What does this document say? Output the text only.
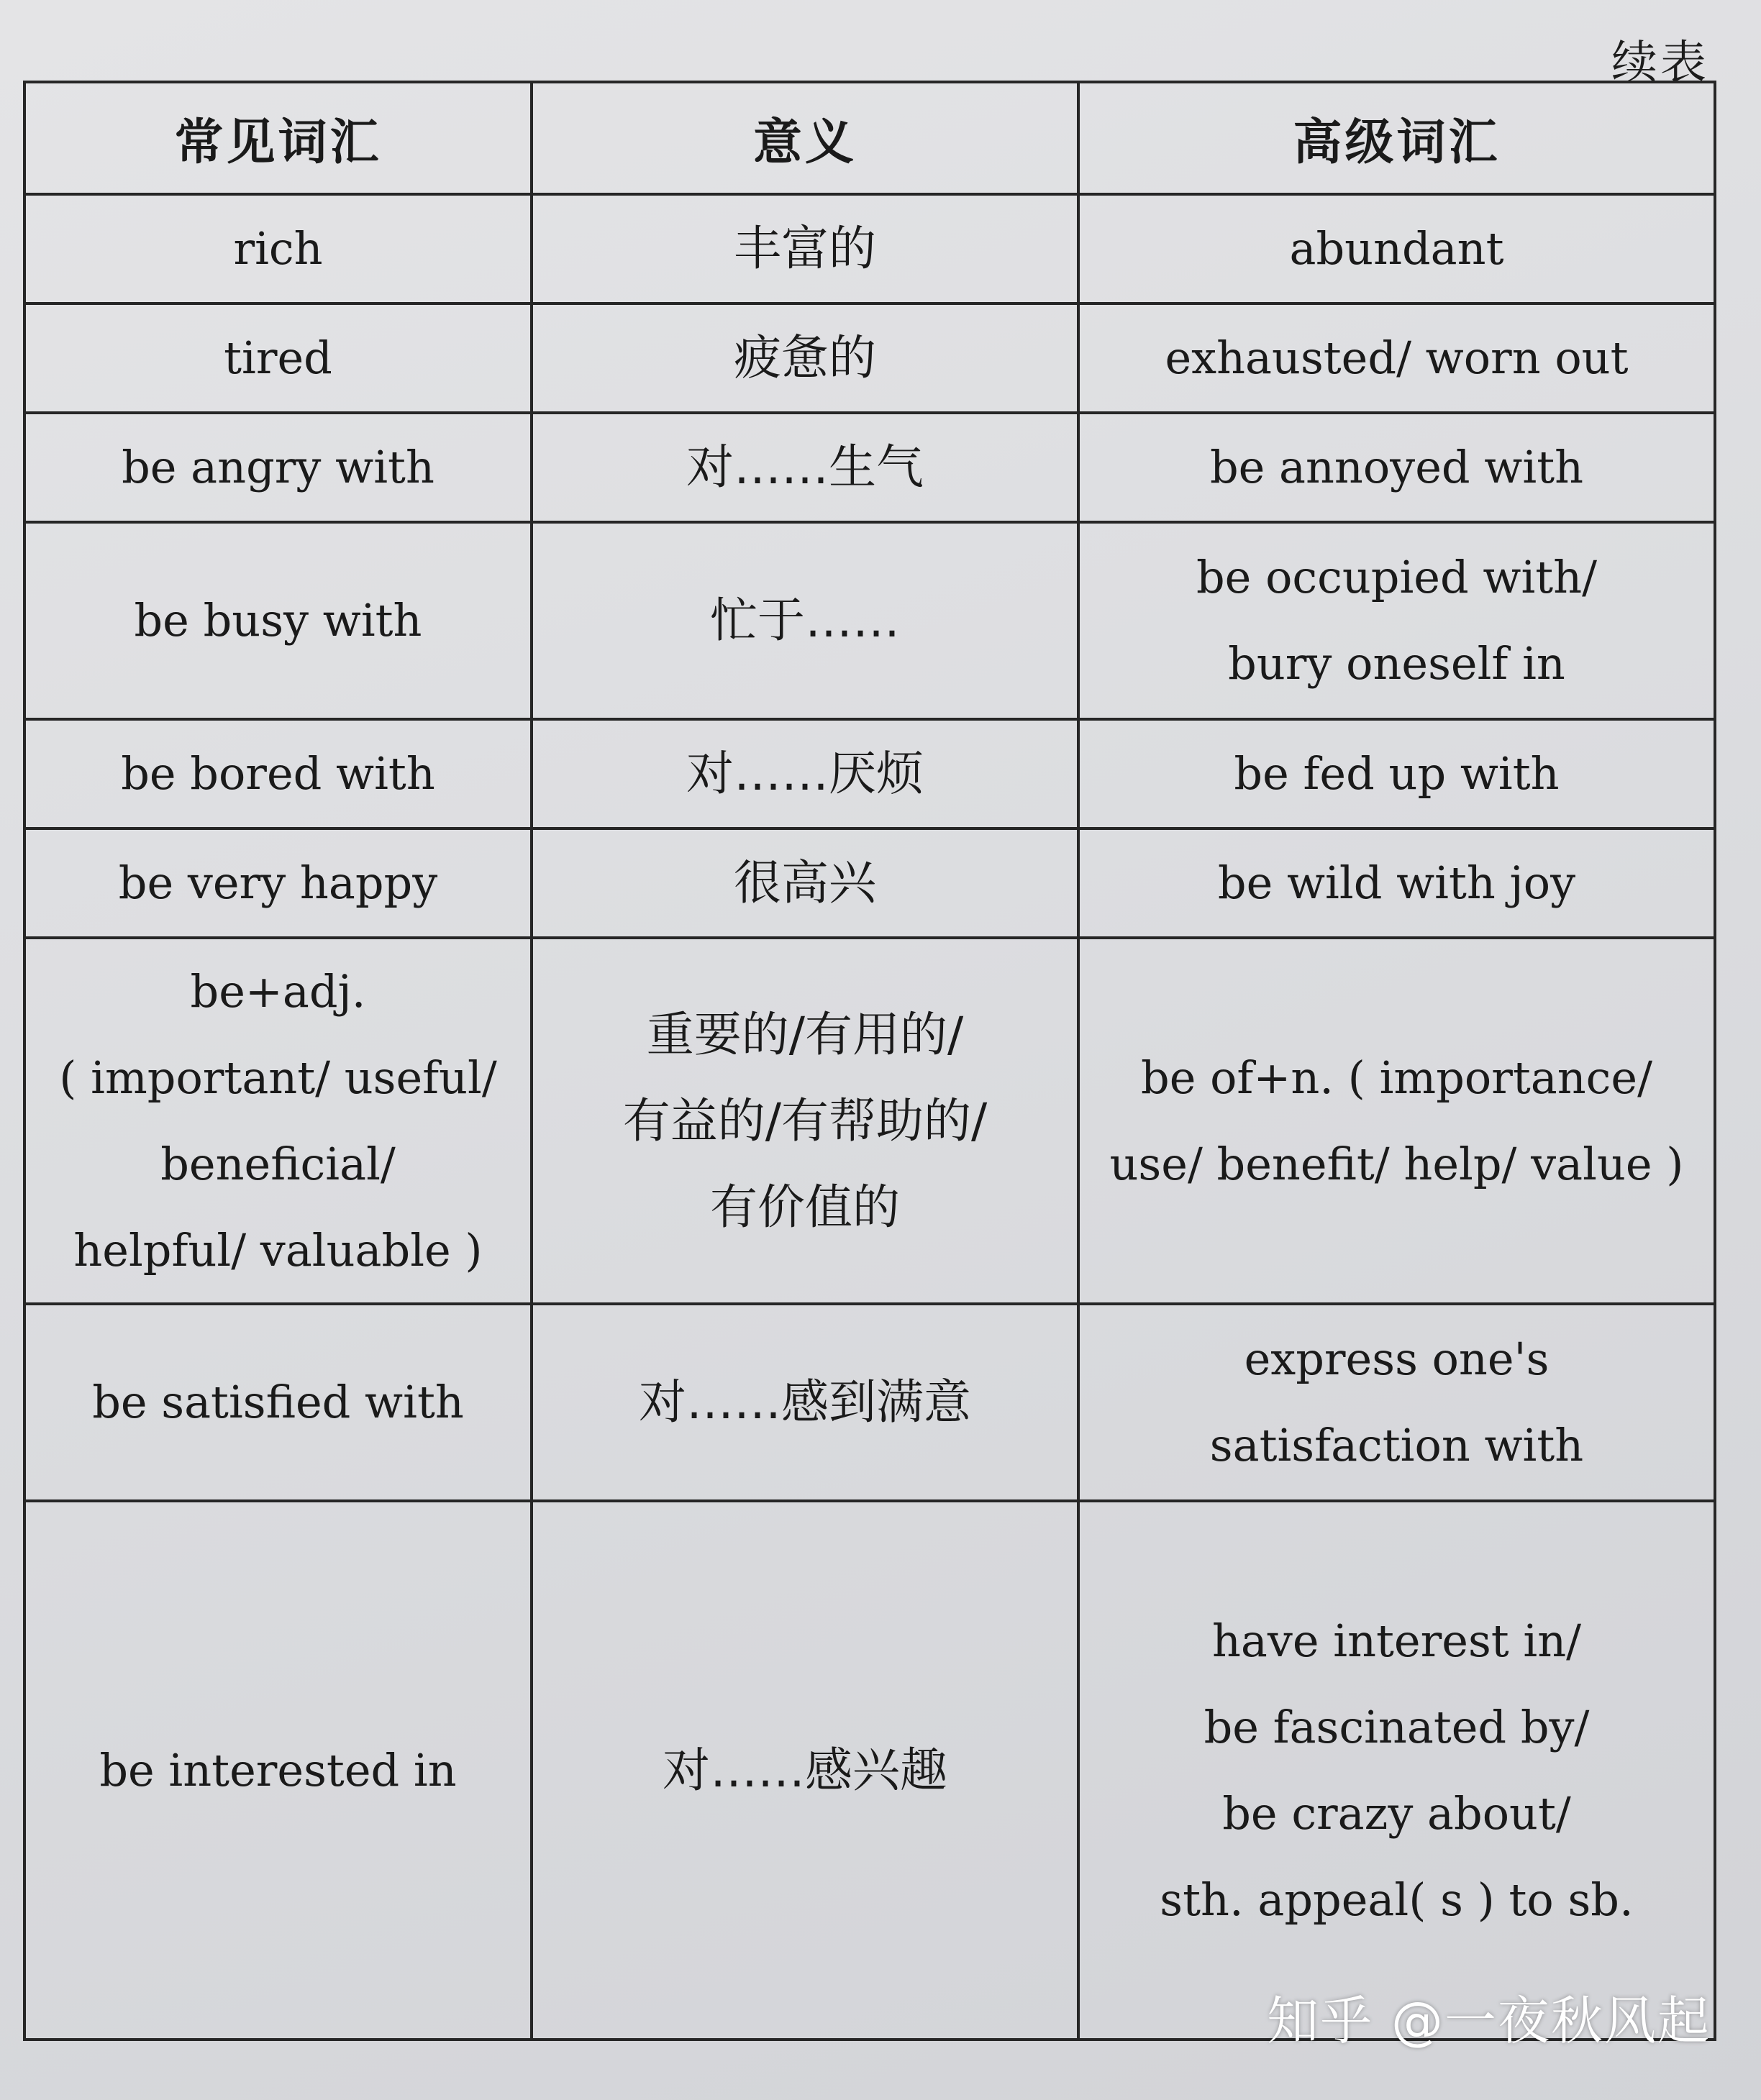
续表
常见词汇	意义	高级词汇

rich	丰富的	abundant

tired	疲惫的	exhausted/ worn out

be angry with	对……生气	be annoyed with

be busy with	忙于……	be occupied with/
bury oneself in

be bored with	对……厌烦	be fed up with

be very happy	很高兴	be wild with joy

be+adj.
( important/ useful/
beneficial/
helpful/ valuable )	重要的/有用的/
有益的/有帮助的/
有价值的	be of+n. ( importance/
use/ benefit/ help/ value )

be satisfied with	对……感到满意	express one's
satisfaction with

be interested in	对……感兴趣	have interest in/
be fascinated by/
be crazy about/
sth. appeal( s ) to sb.
知乎 @一夜秋风起
